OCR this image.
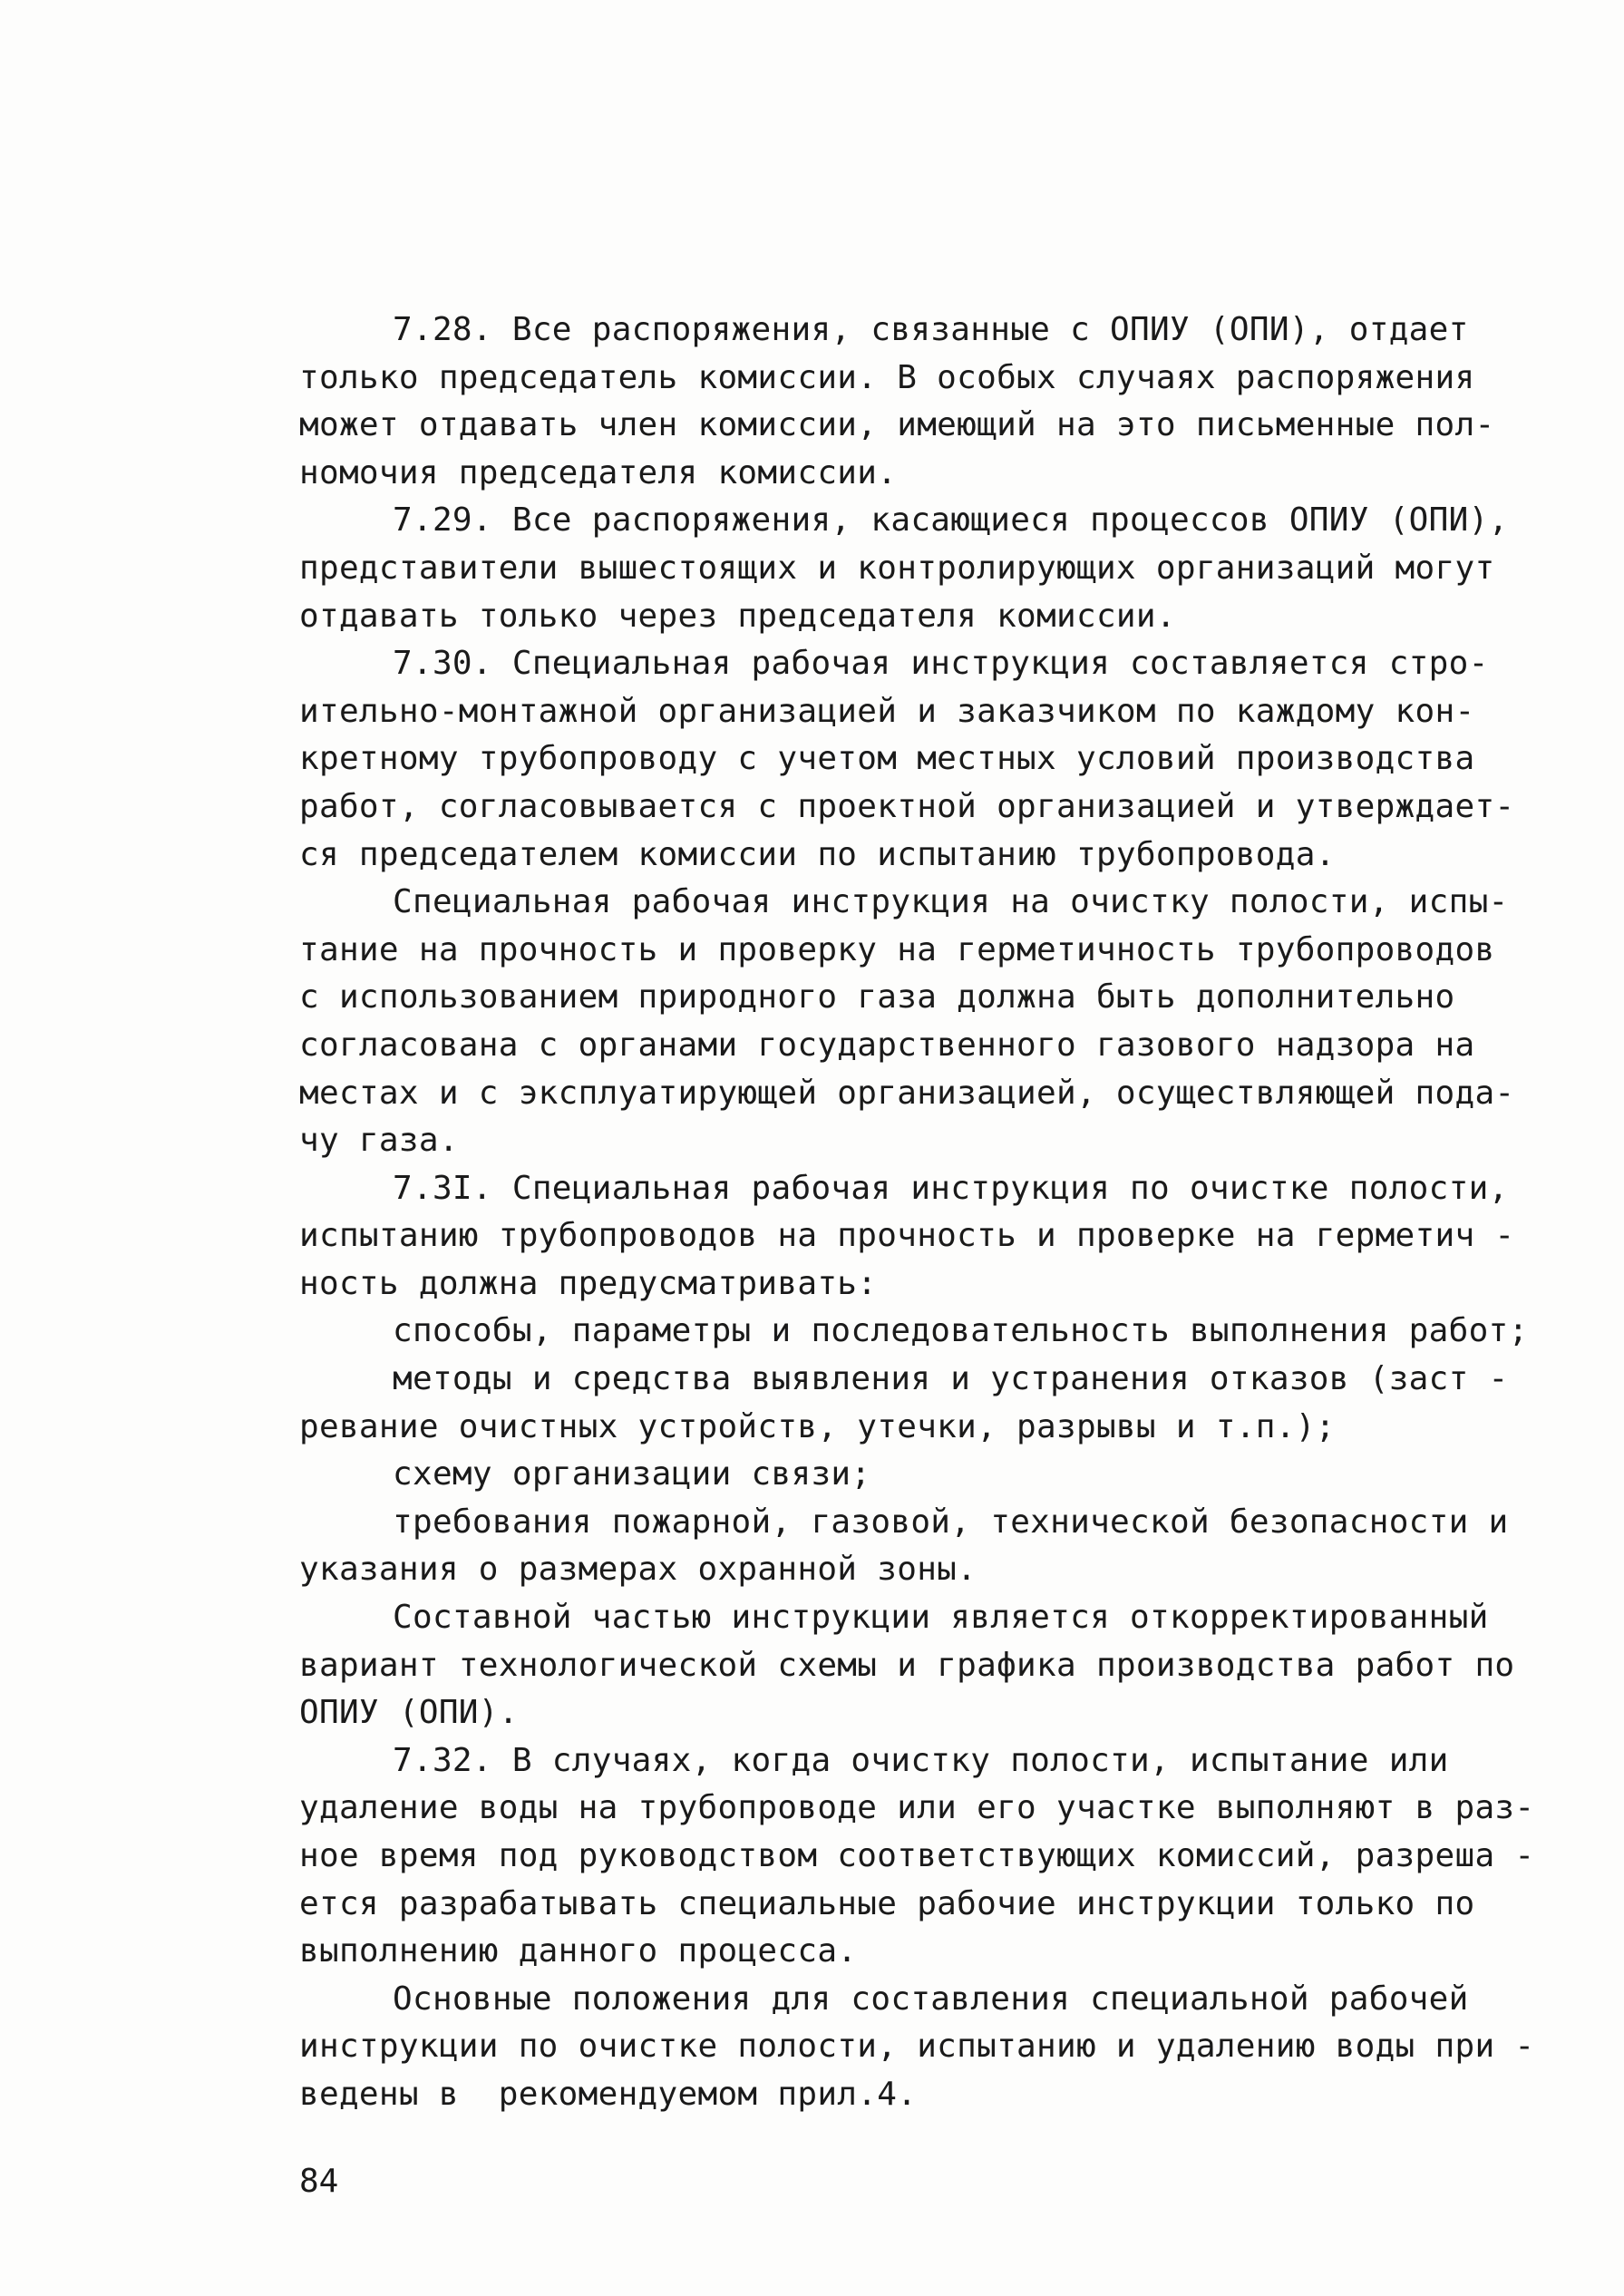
7.28. Все распоряжения, связанные с ОПИУ (ОПИ), отдает
только председатель комиссии. В особых случаях распоряжения
может отдавать член комиссии, имеющий на это письменные пол-
номочия председателя комиссии.
7.29. Все распоряжения, касающиеся процессов ОПИУ (ОПИ),
представители вышестоящих и контролирующих организаций могут
отдавать только через председателя комиссии.
7.30. Специальная рабочая инструкция составляется стро-
ительно-монтажной организацией и заказчиком по каждому кон-
кретному трубопроводу с учетом местных условий производства
работ, согласовывается с проектной организацией и утверждает-
ся председателем комиссии по испытанию трубопровода.
Специальная рабочая инструкция на очистку полости, испы-
тание на прочность и проверку на герметичность трубопроводов
с использованием природного газа должна быть дополнительно
согласована с органами государственного газового надзора на
местах и с эксплуатирующей организацией, осуществляющей пода-
чу газа.
7.3I. Специальная рабочая инструкция по очистке полости,
испытанию трубопроводов на прочность и проверке на герметич -
ность должна предусматривать:
способы, параметры и последовательность выполнения работ;
методы и средства выявления и устранения отказов (заст -
ревание очистных устройств, утечки, разрывы и т.п.);
схему организации связи;
требования пожарной, газовой, технической безопасности и
указания о размерах охранной зоны.
Составной частью инструкции является откорректированный
вариант технологической схемы и графика производства работ по
ОПИУ (ОПИ).
7.32. В случаях, когда очистку полости, испытание или
удаление воды на трубопроводе или его участке выполняют в раз-
ное время под руководством соответствующих комиссий, разреша -
ется разрабатывать специальные рабочие инструкции только по
выполнению данного процесса.
Основные положения для составления специальной рабочей
инструкции по очистке полости, испытанию и удалению воды при -
ведены в  рекомендуемом прил.4.
84
